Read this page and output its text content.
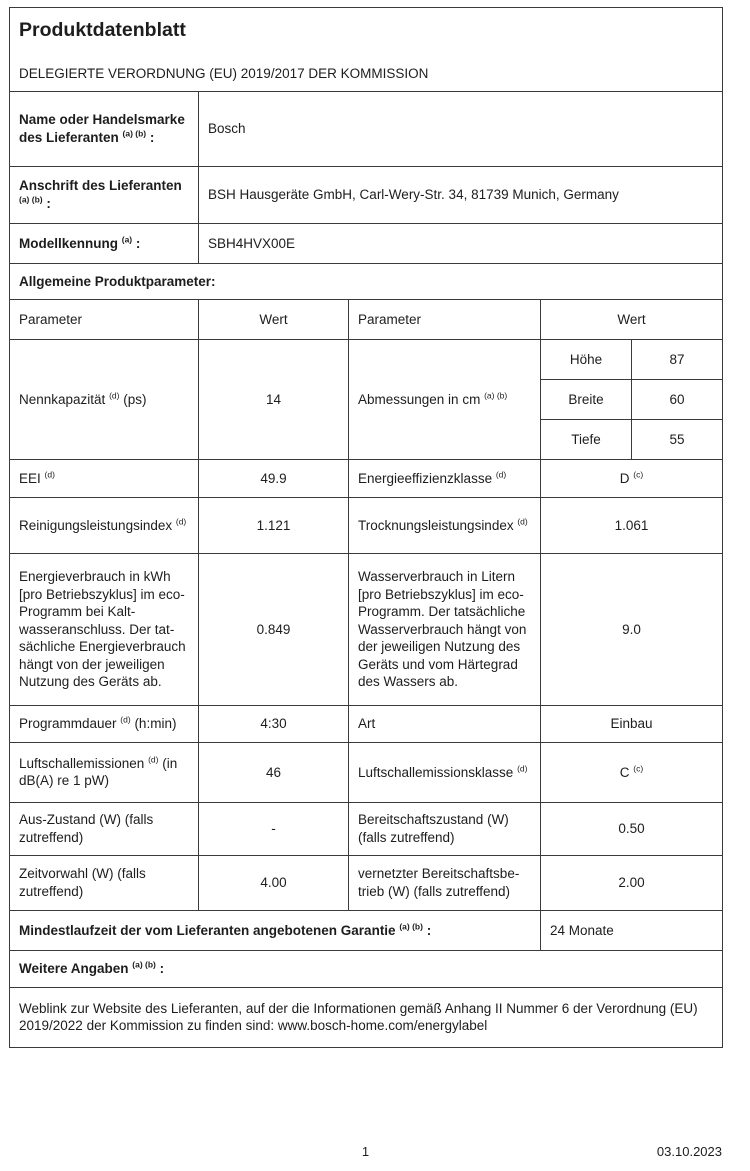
Produktdatenblatt
DELEGIERTE VERORDNUNG (EU) 2019/2017 DER KOMMISSION				

Name oder Handelsmarke des Lieferanten $^{(a) (b)}$ :	Bosch			
Anschrift des Lieferanten $^{(a) (b)}$ :	BSH Hausgeräte GmbH, Carl-Wery-Str. 34, 81739 Munich, Germany			
Modellkennung $^{(a)}$ :	SBH4HVX00E			
Allgemeine Produktparameter:				
Parameter	Wert	Parameter	Wert	
Nennkapazität $^{(d)}$ (ps)	14	Abmessungen in cm $^{(a) (b)}$	Höhe	87
			Breite	60
			Tiefe	55
EEI $^{(d)}$	49.9	Energieeffizienzklasse $^{(d)}$	D $^{(c)}$
Reinigungsleistungsindex $^{(d)}$	1.121	Trocknungsleistungsindex $^{(d)}$	1.061	
Energieverbrauch in kWh [pro Betriebszyklus] im eco-Programm bei Kaltwasseranschluss. Der tatsächliche Energieverbrauch hängt von der jeweiligen Nutzung des Geräts ab.	0.849	Wasserverbrauch in Litern [pro Betriebszyklus] im eco-Programm. Der tatsächliche Wasserverbrauch hängt von der jeweiligen Nutzung des Geräts und vom Härtegrad des Wassers ab.	9.0	
Programmdauer $^{(d)}$ (h:min)	4:30	Art	Einbau	
Luftschallemissionen $^{(d)}$ (in dB(A) re 1 pW)	46	Luftschallemissionsklasse $^{(d)}$	C $^{(c)}$
Aus-Zustand (W) (falls zutreffend)	-	Bereitschaftszustand (W) (falls zutreffend)	0.50	
Zeitvorwahl (W) (falls zutreffend)	4.00	vernetzter Bereitschaftsbetrieb (W) (falls zutreffend)	2.00	
Mindestlaufzeit der vom Lieferanten angebotenen Garantie $^{(a) (b)}$ :			24 Monate	
Weitere Angaben $^{(a) (b)}$ :				
Weblink zur Website des Lieferanten, auf der die Informationen gemäß Anhang II Nummer 6 der Verordnung (EU) 2019/2022 der Kommission zu finden sind: www.bosch-home.com/energylabel				
1	03.10.2023
